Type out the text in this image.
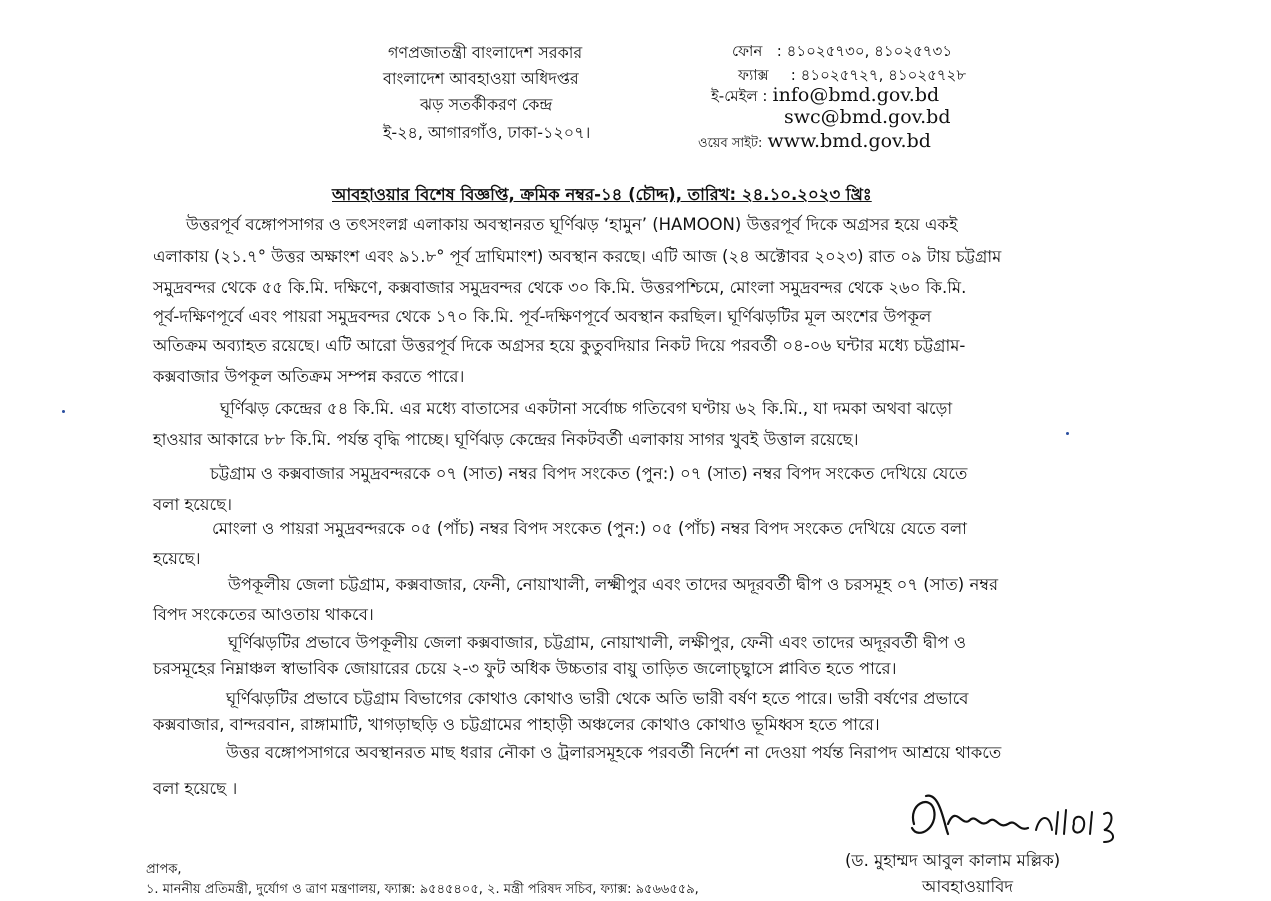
গণপ্রজাতন্ত্রী বাংলাদেশ সরকার
বাংলাদেশ আবহাওয়া অধিদপ্তর
ঝড় সতর্কীকরণ কেন্দ্র
ই-২৪, আগারগাঁও, ঢাকা-১২০৭।
ফোন : ৪১০২৫৭৩০, ৪১০২৫৭৩১
ফ্যাক্স : ৪১০২৫৭২৭, ৪১০২৫৭২৮
ই-মেইল : info@bmd.gov.bd
swc@bmd.gov.bd
ওয়েব সাইট: www.bmd.gov.bd
আবহাওয়ার বিশেষ বিজ্ঞপ্তি, ক্রমিক নম্বর-১৪ (চৌদ্দ), তারিখ: ২৪.১০.২০২৩ খ্রিঃ
উত্তরপূর্ব বঙ্গোপসাগর ও তৎসংলগ্ন এলাকায় অবস্থানরত ঘূর্ণিঝড় ‘হামুন’ (HAMOON) উত্তরপূর্ব দিকে অগ্রসর হয়ে একই
এলাকায় (২১.৭° উত্তর অক্ষাংশ এবং ৯১.৮° পূর্ব দ্রাঘিমাংশ) অবস্থান করছে। এটি আজ (২৪ অক্টোবর ২০২৩) রাত ০৯ টায় চট্টগ্রাম
সমুদ্রবন্দর থেকে ৫৫ কি.মি. দক্ষিণে, কক্সবাজার সমুদ্রবন্দর থেকে ৩০ কি.মি. উত্তরপশ্চিমে, মোংলা সমুদ্রবন্দর থেকে ২৬০ কি.মি.
পূর্ব-দক্ষিণপূর্বে এবং পায়রা সমুদ্রবন্দর থেকে ১৭০ কি.মি. পূর্ব-দক্ষিণপূর্বে অবস্থান করছিল। ঘূর্ণিঝড়টির মূল অংশের উপকূল
অতিক্রম অব্যাহত রয়েছে। এটি আরো উত্তরপূর্ব দিকে অগ্রসর হয়ে কুতুবদিয়ার নিকট দিয়ে পরবর্তী ০৪-০৬ ঘন্টার মধ্যে চট্টগ্রাম-
কক্সবাজার উপকূল অতিক্রম সম্পন্ন করতে পারে।
ঘূর্ণিঝড় কেন্দ্রের ৫৪ কি.মি. এর মধ্যে বাতাসের একটানা সর্বোচ্চ গতিবেগ ঘণ্টায় ৬২ কি.মি., যা দমকা অথবা ঝড়ো
হাওয়ার আকারে ৮৮ কি.মি. পর্যন্ত বৃদ্ধি পাচ্ছে। ঘূর্ণিঝড় কেন্দ্রের নিকটবর্তী এলাকায় সাগর খুবই উত্তাল রয়েছে।
চট্টগ্রাম ও কক্সবাজার সমুদ্রবন্দরকে ০৭ (সাত) নম্বর বিপদ সংকেত (পুন:) ০৭ (সাত) নম্বর বিপদ সংকেত দেখিয়ে যেতে
বলা হয়েছে।
মোংলা ও পায়রা সমুদ্রবন্দরকে ০৫ (পাঁচ) নম্বর বিপদ সংকেত (পুন:) ০৫ (পাঁচ) নম্বর বিপদ সংকেত দেখিয়ে যেতে বলা
হয়েছে।
উপকূলীয় জেলা চট্টগ্রাম, কক্সবাজার, ফেনী, নোয়াখালী, লক্ষ্মীপুর এবং তাদের অদূরবর্তী দ্বীপ ও চরসমূহ ০৭ (সাত) নম্বর
বিপদ সংকেতের আওতায় থাকবে।
ঘূর্ণিঝড়টির প্রভাবে উপকূলীয় জেলা কক্সবাজার, চট্টগ্রাম, নোয়াখালী, লক্ষীপুর, ফেনী এবং তাদের অদূরবর্তী দ্বীপ ও
চরসমূহের নিম্নাঞ্চল স্বাভাবিক জোয়ারের চেয়ে ২-৩ ফুট অধিক উচ্চতার বায়ু তাড়িত জলোচ্ছ্বাসে প্লাবিত হতে পারে।
ঘূর্ণিঝড়টির প্রভাবে চট্টগ্রাম বিভাগের কোথাও কোথাও ভারী থেকে অতি ভারী বর্ষণ হতে পারে। ভারী বর্ষণের প্রভাবে
কক্সবাজার, বান্দরবান, রাঙ্গামাটি, খাগড়াছড়ি ও চট্টগ্রামের পাহাড়ী অঞ্চলের কোথাও কোথাও ভূমিধ্বস হতে পারে।
উত্তর বঙ্গোপসাগরে অবস্থানরত মাছ ধরার নৌকা ও ট্রলারসমূহকে পরবর্তী নির্দেশ না দেওয়া পর্যন্ত নিরাপদ আশ্রয়ে থাকতে
বলা হয়েছে ।
(ড. মুহাম্মদ আবুল কালাম মল্লিক)
আবহাওয়াবিদ
প্রাপক,
১. মাননীয় প্রতিমন্ত্রী, দুর্যোগ ও ত্রাণ মন্ত্রণালয়, ফ্যাক্স: ৯৫৪৫৪০৫, ২. মন্ত্রী পরিষদ সচিব, ফ্যাক্স: ৯৫৬৬৫৫৯,
